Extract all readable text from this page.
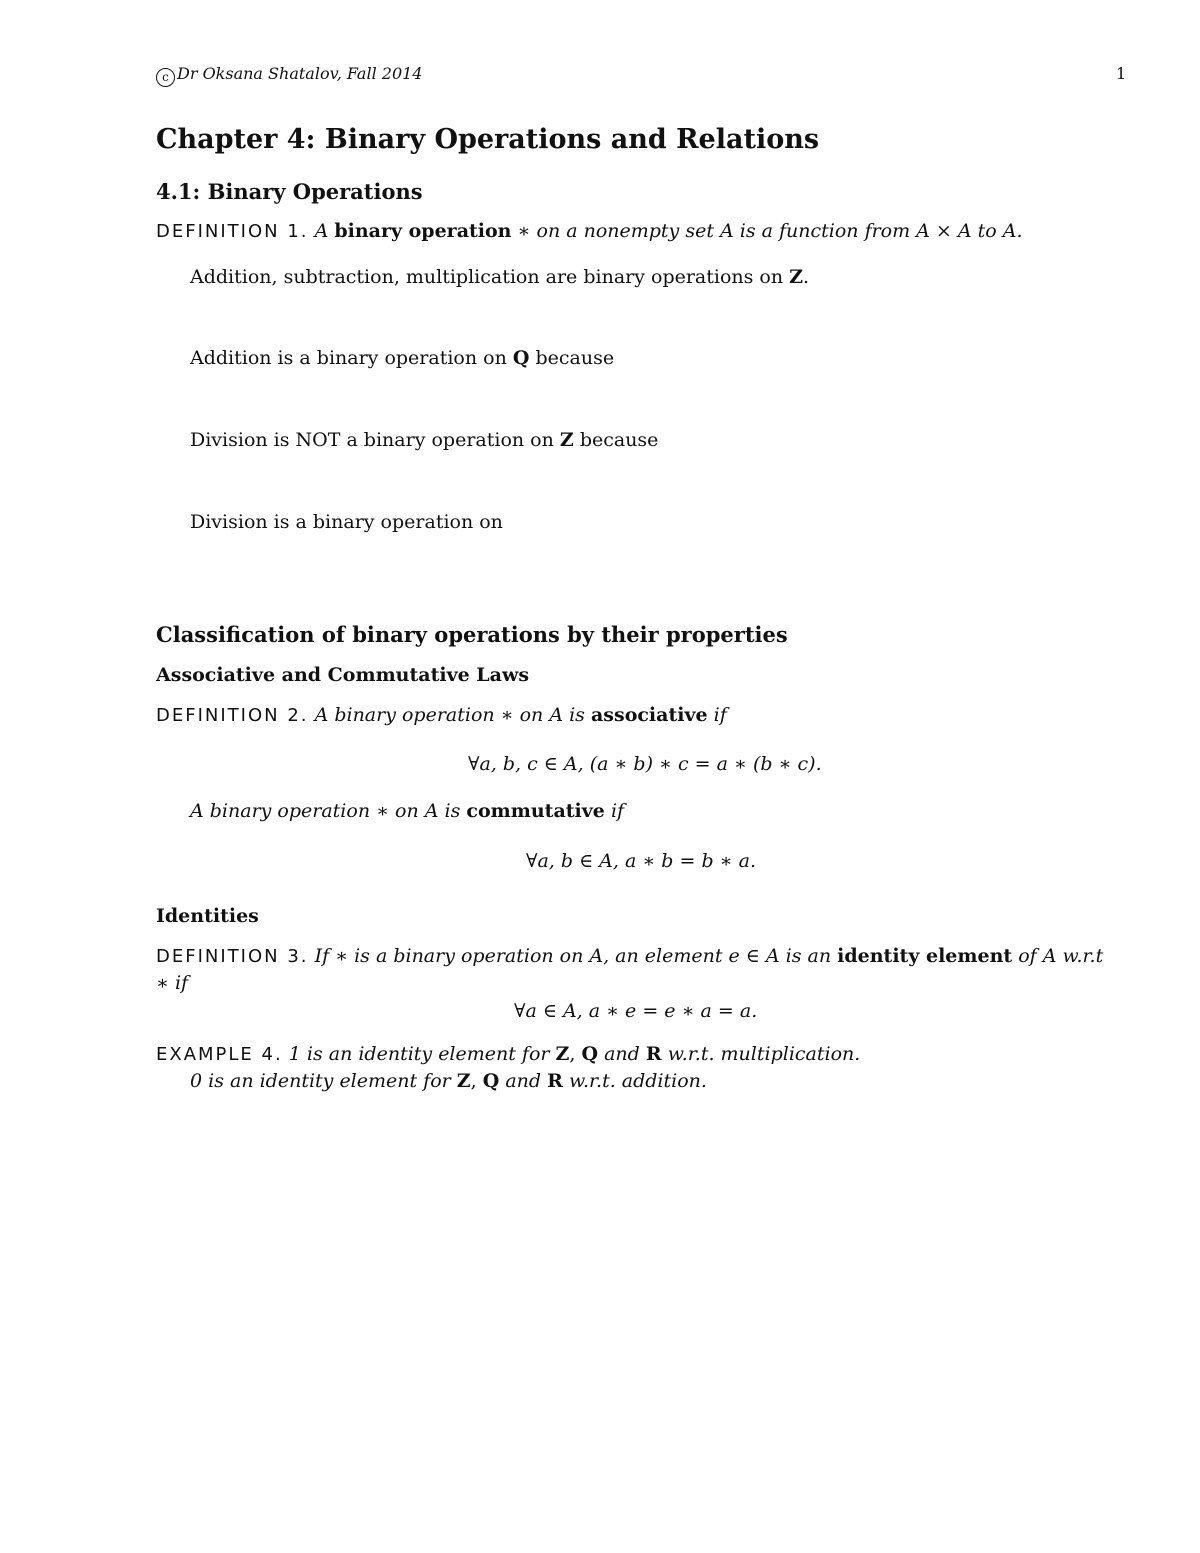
c Dr Oksana Shatalov, Fall 2014	1
Chapter 4: Binary Operations and Relations
4.1: Binary Operations
DEFINITION 1. A binary operation ∗ on a nonempty set A is a function from A × A to A.
Addition, subtraction, multiplication are binary operations on Z.
Addition is a binary operation on Q because
Division is NOT a binary operation on Z because
Division is a binary operation on
Classification of binary operations by their properties
Associative and Commutative Laws
DEFINITION 2. A binary operation ∗ on A is associative if
∀a, b, c ∈ A, (a ∗ b) ∗ c = a ∗ (b ∗ c).
A binary operation ∗ on A is commutative if
∀a, b ∈ A, a ∗ b = b ∗ a.
Identities
DEFINITION 3. If ∗ is a binary operation on A, an element e ∈ A is an identity element of A w.r.t
∗ if
∀a ∈ A, a ∗ e = e ∗ a = a.
EXAMPLE 4. 1 is an identity element for Z, Q and R w.r.t. multiplication.
0 is an identity element for Z, Q and R w.r.t. addition.
